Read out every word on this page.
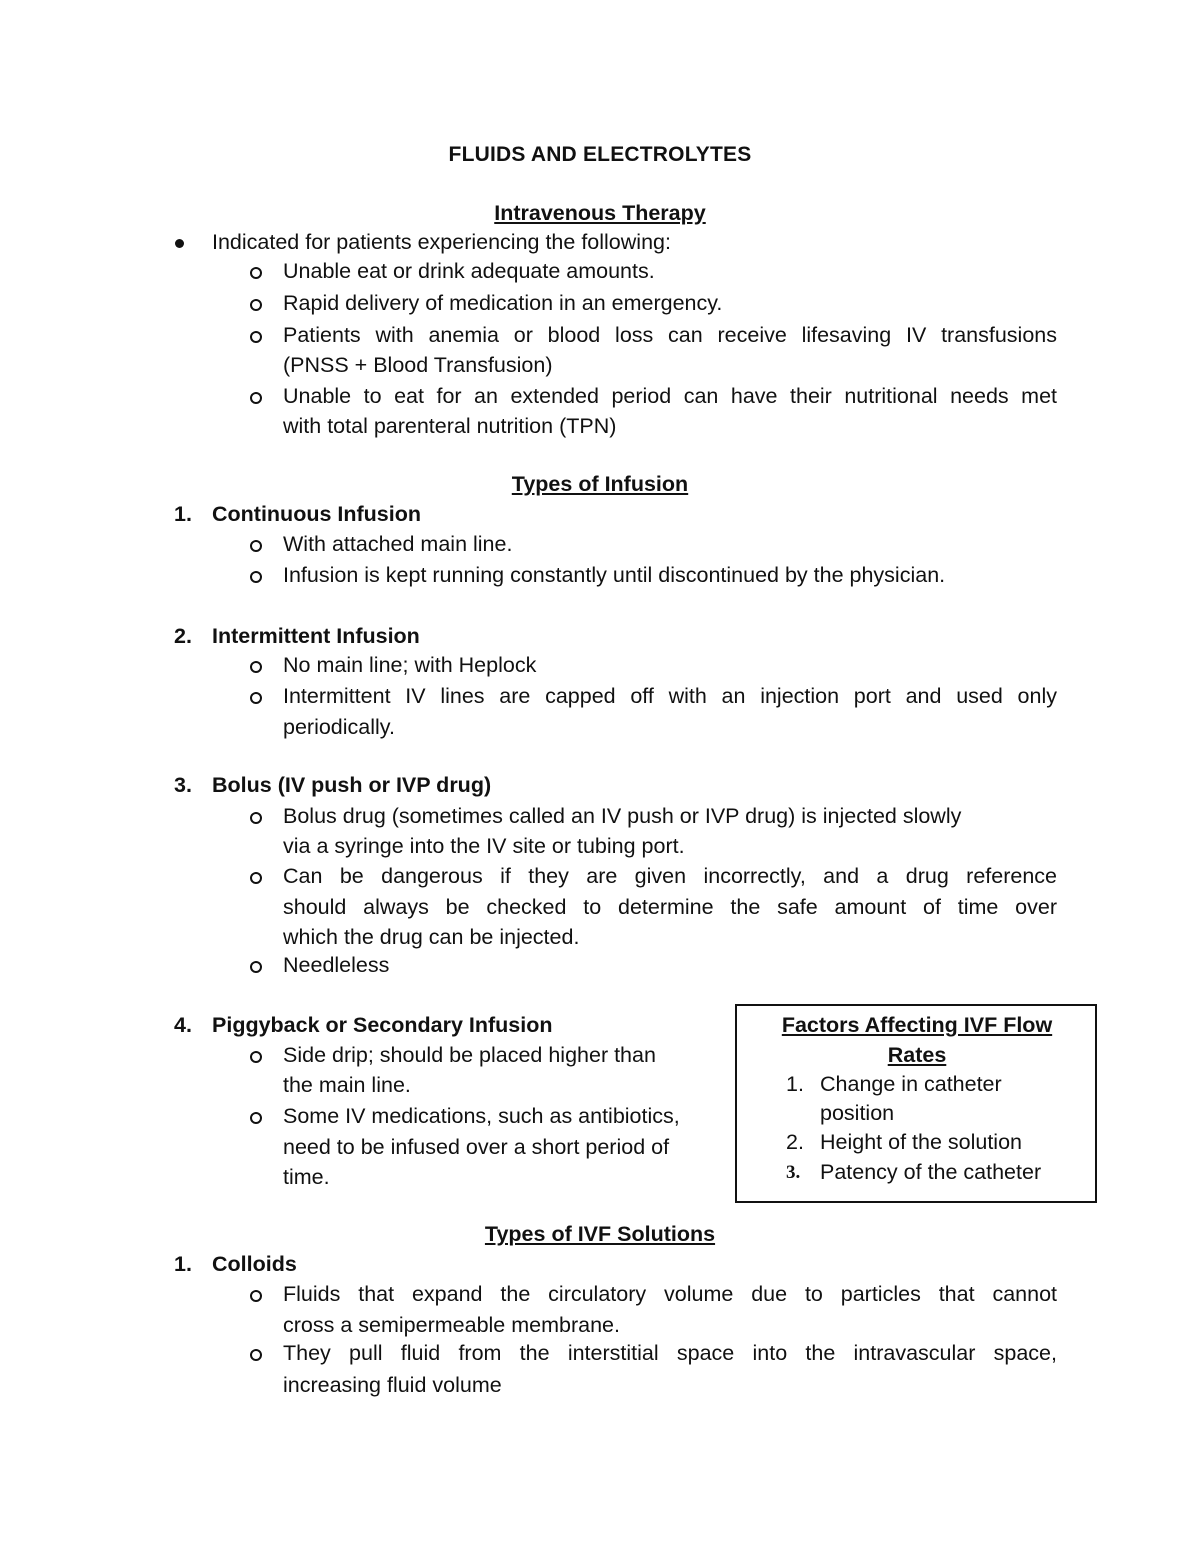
FLUIDS AND ELECTROLYTES
Intravenous Therapy
Indicated for patients experiencing the following:
Unable eat or drink adequate amounts.
Rapid delivery of medication in an emergency.
Patients with anemia or blood loss can receive lifesaving IV transfusions
(PNSS + Blood Transfusion)
Unable to eat for an extended period can have their nutritional needs met
with total parenteral nutrition (TPN)
Types of Infusion
1. Continuous Infusion
With attached main line.
Infusion is kept running constantly until discontinued by the physician.
2. Intermittent Infusion
No main line; with Heplock
Intermittent IV lines are capped off with an injection port and used only
periodically.
3. Bolus (IV push or IVP drug)
Bolus drug (sometimes called an IV push or IVP drug) is injected slowly
via a syringe into the IV site or tubing port.
Can be dangerous if they are given incorrectly, and a drug reference
should always be checked to determine the safe amount of time over
which the drug can be injected.
Needleless
4. Piggyback or Secondary Infusion
Side drip; should be placed higher than
the main line.
Some IV medications, such as antibiotics,
need to be infused over a short period of
time.
Factors Affecting IVF Flow
Rates
1. Change in catheter
position
2. Height of the solution
3. Patency of the catheter
Types of IVF Solutions
1. Colloids
Fluids that expand the circulatory volume due to particles that cannot
cross a semipermeable membrane.
They pull fluid from the interstitial space into the intravascular space,
increasing fluid volume
